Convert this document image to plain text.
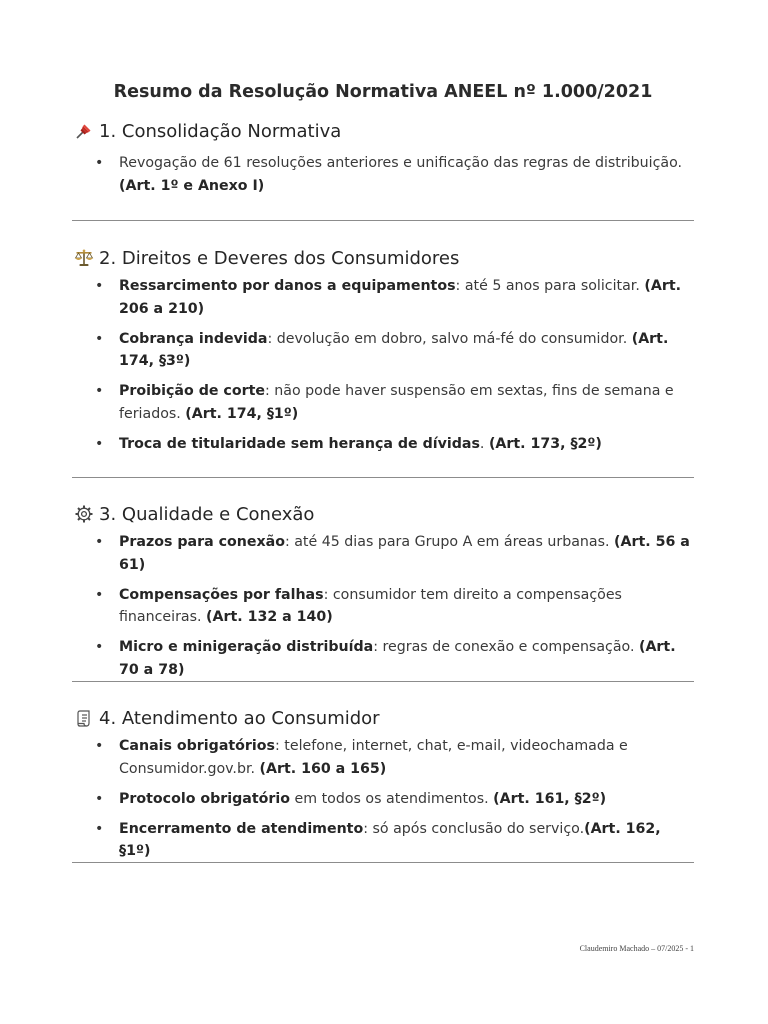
Resumo da Resolução Normativa ANEEL nº 1.000/2021
1. Consolidação Normativa
• Revogação de 61 resoluções anteriores e unificação das regras de distribuição. (Art. 1º e Anexo I)
2. Direitos e Deveres dos Consumidores
• Ressarcimento por danos a equipamentos: até 5 anos para solicitar. (Art. 206 a 210)
• Cobrança indevida: devolução em dobro, salvo má-fé do consumidor. (Art. 174, §3º)
• Proibição de corte: não pode haver suspensão em sextas, fins de semana e feriados. (Art. 174, §1º)
• Troca de titularidade sem herança de dívidas. (Art. 173, §2º)
3. Qualidade e Conexão
• Prazos para conexão: até 45 dias para Grupo A em áreas urbanas. (Art. 56 a 61)
• Compensações por falhas: consumidor tem direito a compensações financeiras. (Art. 132 a 140)
• Micro e minigeração distribuída: regras de conexão e compensação. (Art. 70 a 78)
4. Atendimento ao Consumidor
• Canais obrigatórios: telefone, internet, chat, e-mail, videochamada e Consumidor.gov.br. (Art. 160 a 165)
• Protocolo obrigatório em todos os atendimentos. (Art. 161, §2º)
• Encerramento de atendimento: só após conclusão do serviço.(Art. 162, §1º)
Claudemiro Machado – 07/2025 - 1
